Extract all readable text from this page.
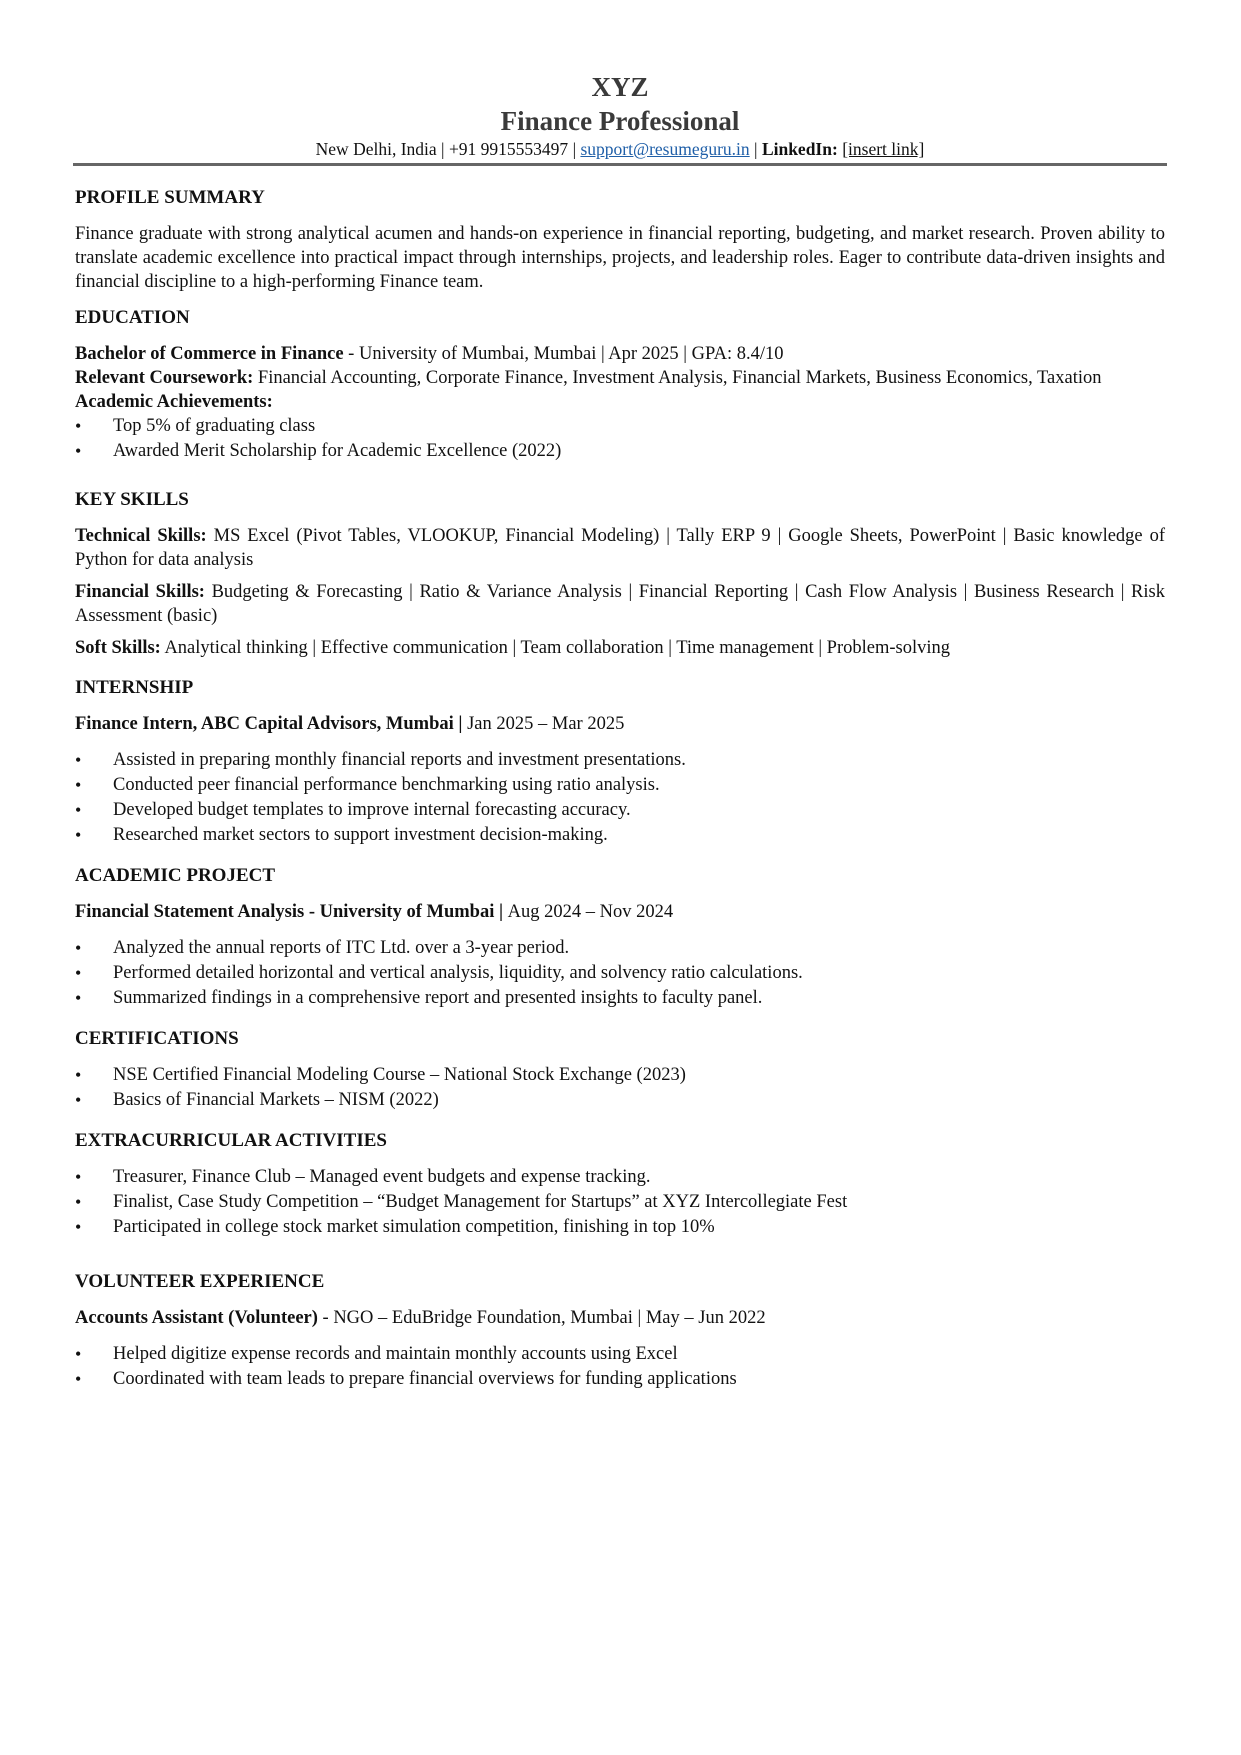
XYZ
Finance Professional
New Delhi, India | +91 9915553497 | support@resumeguru.in | LinkedIn: [insert link]
PROFILE SUMMARY

Finance graduate with strong analytical acumen and hands-on experience in financial reporting, budgeting, and market research. Proven ability to translate academic excellence into practical impact through internships, projects, and leadership roles. Eager to contribute data-driven insights and financial discipline to a high-performing Finance team.

EDUCATION

Bachelor of Commerce in Finance - University of Mumbai, Mumbai | Apr 2025 | GPA: 8.4/10

Relevant Coursework: Financial Accounting, Corporate Finance, Investment Analysis, Financial Markets, Business Economics, Taxation

Academic Achievements:

• Top 5% of graduating class
• Awarded Merit Scholarship for Academic Excellence (2022)
KEY SKILLS

Technical Skills: MS Excel (Pivot Tables, VLOOKUP, Financial Modeling) | Tally ERP 9 | Google Sheets, PowerPoint | Basic knowledge of Python for data analysis

Financial Skills: Budgeting & Forecasting | Ratio & Variance Analysis | Financial Reporting | Cash Flow Analysis | Business Research | Risk Assessment (basic)

Soft Skills: Analytical thinking | Effective communication | Team collaboration | Time management | Problem-solving

INTERNSHIP

Finance Intern, ABC Capital Advisors, Mumbai | Jan 2025 – Mar 2025

• Assisted in preparing monthly financial reports and investment presentations.
• Conducted peer financial performance benchmarking using ratio analysis.
• Developed budget templates to improve internal forecasting accuracy.
• Researched market sectors to support investment decision-making.
ACADEMIC PROJECT

Financial Statement Analysis - University of Mumbai | Aug 2024 – Nov 2024

• Analyzed the annual reports of ITC Ltd. over a 3-year period.
• Performed detailed horizontal and vertical analysis, liquidity, and solvency ratio calculations.
• Summarized findings in a comprehensive report and presented insights to faculty panel.
CERTIFICATIONS
• NSE Certified Financial Modeling Course – National Stock Exchange (2023)
• Basics of Financial Markets – NISM (2022)
EXTRACURRICULAR ACTIVITIES
• Treasurer, Finance Club – Managed event budgets and expense tracking.
• Finalist, Case Study Competition – “Budget Management for Startups” at XYZ Intercollegiate Fest
• Participated in college stock market simulation competition, finishing in top 10%
VOLUNTEER EXPERIENCE

Accounts Assistant (Volunteer) - NGO – EduBridge Foundation, Mumbai | May – Jun 2022

• Helped digitize expense records and maintain monthly accounts using Excel
• Coordinated with team leads to prepare financial overviews for funding applications
